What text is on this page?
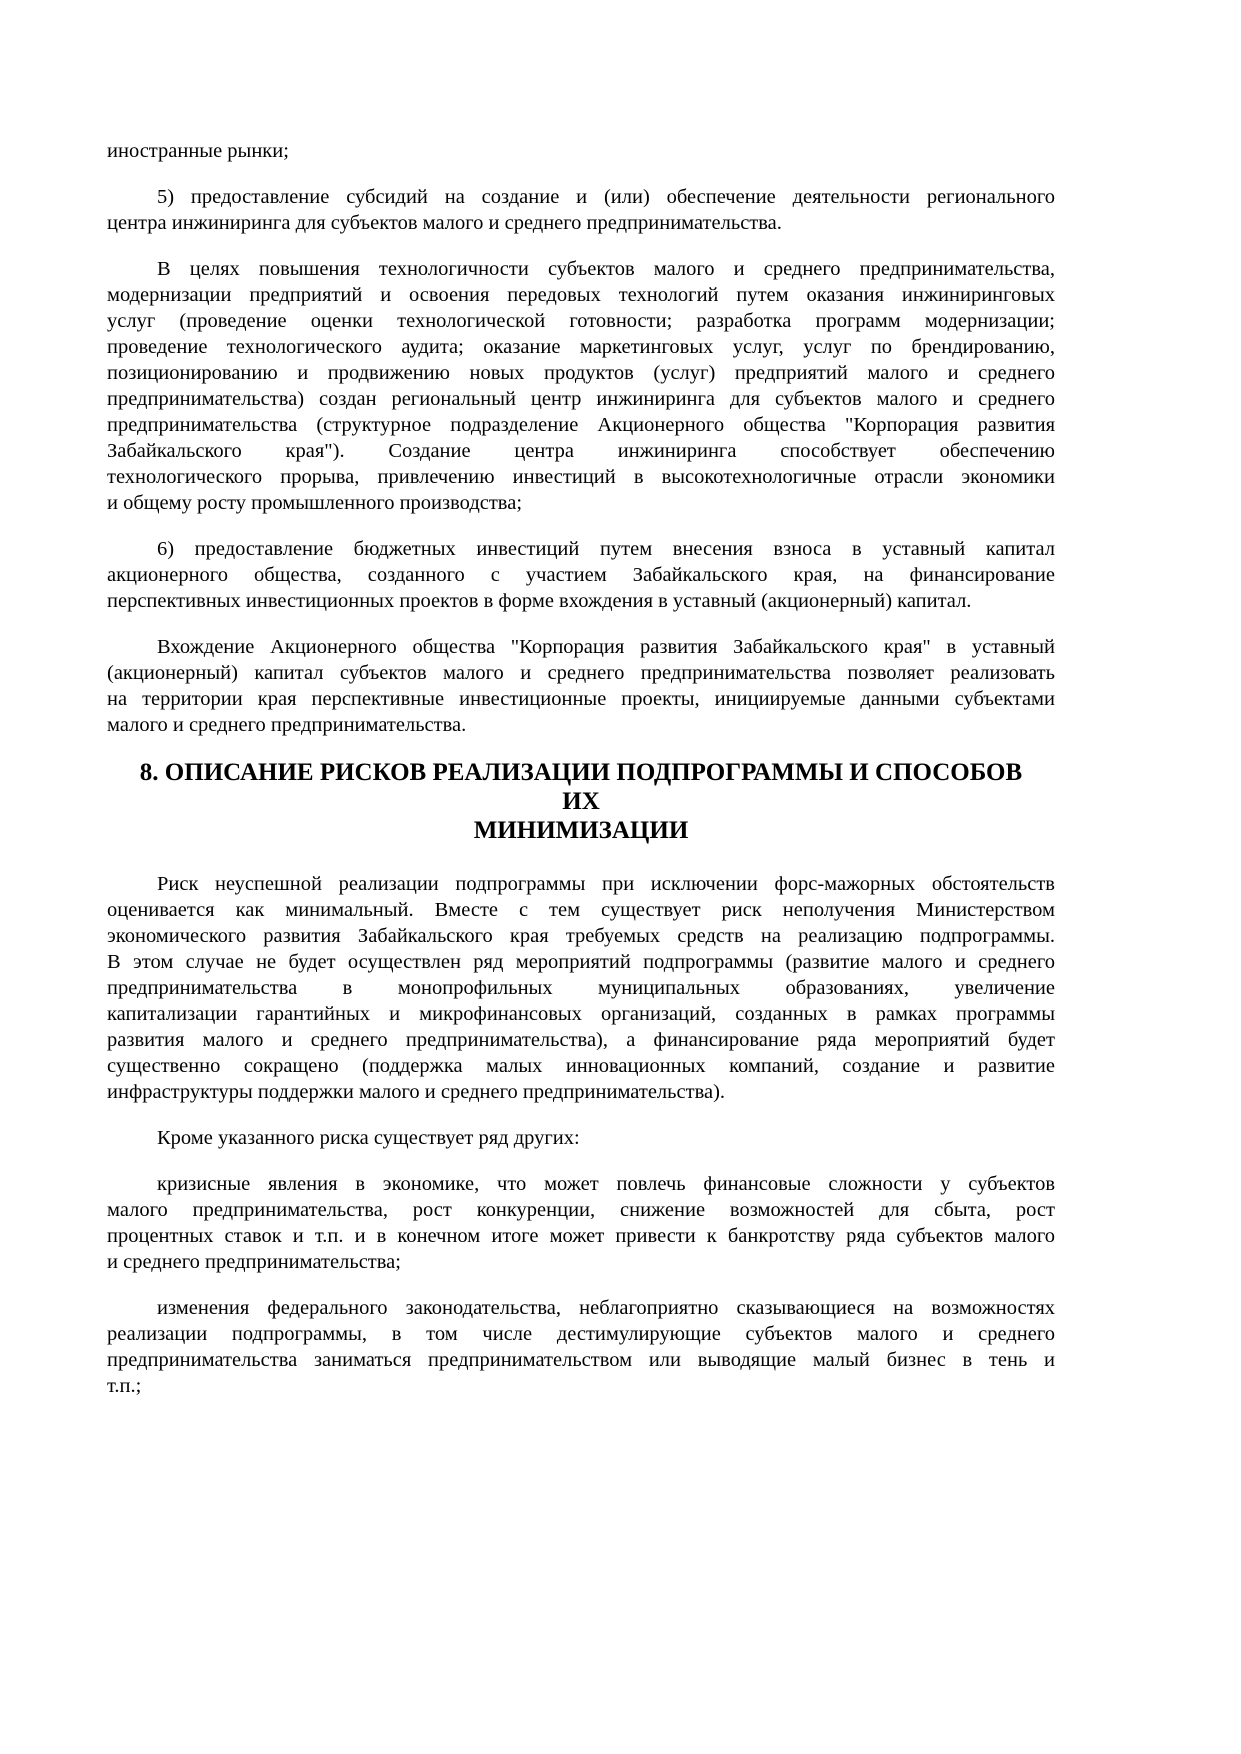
иностранные рынки;
5) предоставление субсидий на создание и (или) обеспечение деятельности регионального
центра инжиниринга для субъектов малого и среднего предпринимательства.
В целях повышения технологичности субъектов малого и среднего предпринимательства,
модернизации предприятий и освоения передовых технологий путем оказания инжиниринговых
услуг (проведение оценки технологической готовности; разработка программ модернизации;
проведение технологического аудита; оказание маркетинговых услуг, услуг по брендированию,
позиционированию и продвижению новых продуктов (услуг) предприятий малого и среднего
предпринимательства) создан региональный центр инжиниринга для субъектов малого и среднего
предпринимательства (структурное подразделение Акционерного общества "Корпорация развития
Забайкальского края"). Создание центра инжиниринга способствует обеспечению
технологического прорыва, привлечению инвестиций в высокотехнологичные отрасли экономики
и общему росту промышленного производства;
6) предоставление бюджетных инвестиций путем внесения взноса в уставный капитал
акционерного общества, созданного с участием Забайкальского края, на финансирование
перспективных инвестиционных проектов в форме вхождения в уставный (акционерный) капитал.
Вхождение Акционерного общества "Корпорация развития Забайкальского края" в уставный
(акционерный) капитал субъектов малого и среднего предпринимательства позволяет реализовать
на территории края перспективные инвестиционные проекты, инициируемые данными субъектами
малого и среднего предпринимательства.
8. ОПИСАНИЕ РИСКОВ РЕАЛИЗАЦИИ ПОДПРОГРАММЫ И СПОСОБОВ
ИХ
МИНИМИЗАЦИИ
Риск неуспешной реализации подпрограммы при исключении форс-мажорных обстоятельств
оценивается как минимальный. Вместе с тем существует риск неполучения Министерством
экономического развития Забайкальского края требуемых средств на реализацию подпрограммы.
В этом случае не будет осуществлен ряд мероприятий подпрограммы (развитие малого и среднего
предпринимательства в монопрофильных муниципальных образованиях, увеличение
капитализации гарантийных и микрофинансовых организаций, созданных в рамках программы
развития малого и среднего предпринимательства), а финансирование ряда мероприятий будет
существенно сокращено (поддержка малых инновационных компаний, создание и развитие
инфраструктуры поддержки малого и среднего предпринимательства).
Кроме указанного риска существует ряд других:
кризисные явления в экономике, что может повлечь финансовые сложности у субъектов
малого предпринимательства, рост конкуренции, снижение возможностей для сбыта, рост
процентных ставок и т.п. и в конечном итоге может привести к банкротству ряда субъектов малого
и среднего предпринимательства;
изменения федерального законодательства, неблагоприятно сказывающиеся на возможностях
реализации подпрограммы, в том числе дестимулирующие субъектов малого и среднего
предпринимательства заниматься предпринимательством или выводящие малый бизнес в тень и
т.п.;
